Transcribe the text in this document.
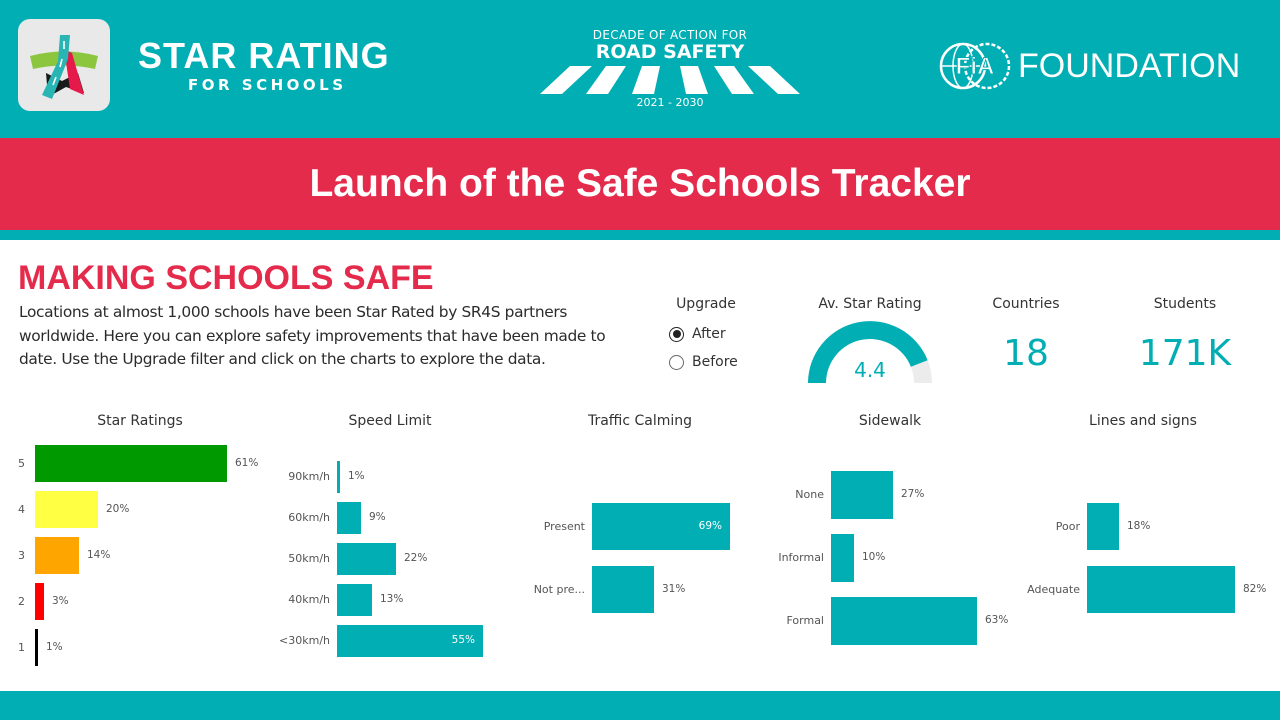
STAR RATING
FOR SCHOOLS
DECADE OF ACTION FOR
ROAD SAFETY
2021 - 2030
FiA FOUNDATION
Launch of the Safe Schools Tracker
MAKING SCHOOLS SAFE
Locations at almost 1,000 schools have been Star Rated by SR4S partners worldwide. Here you can explore safety improvements that have been made to date. Use the Upgrade filter and click on the charts to explore the data.
Upgrade
After
Before
Av. Star Rating
4.4
Countries
18
Students
171K
Star Ratings
5	61%
4	20%
3	14%
2	3%
1 1%
Speed Limit
90km/h 1%
60km/h	9%
50km/h	22%
40km/h	13%
<30km/h	55%
Traffic Calming
Present	69%
Not pre...	31%
Sidewalk
None	27%
Informal	10%
Formal	63%
Lines and signs
Poor	18%
Adequate	82%
